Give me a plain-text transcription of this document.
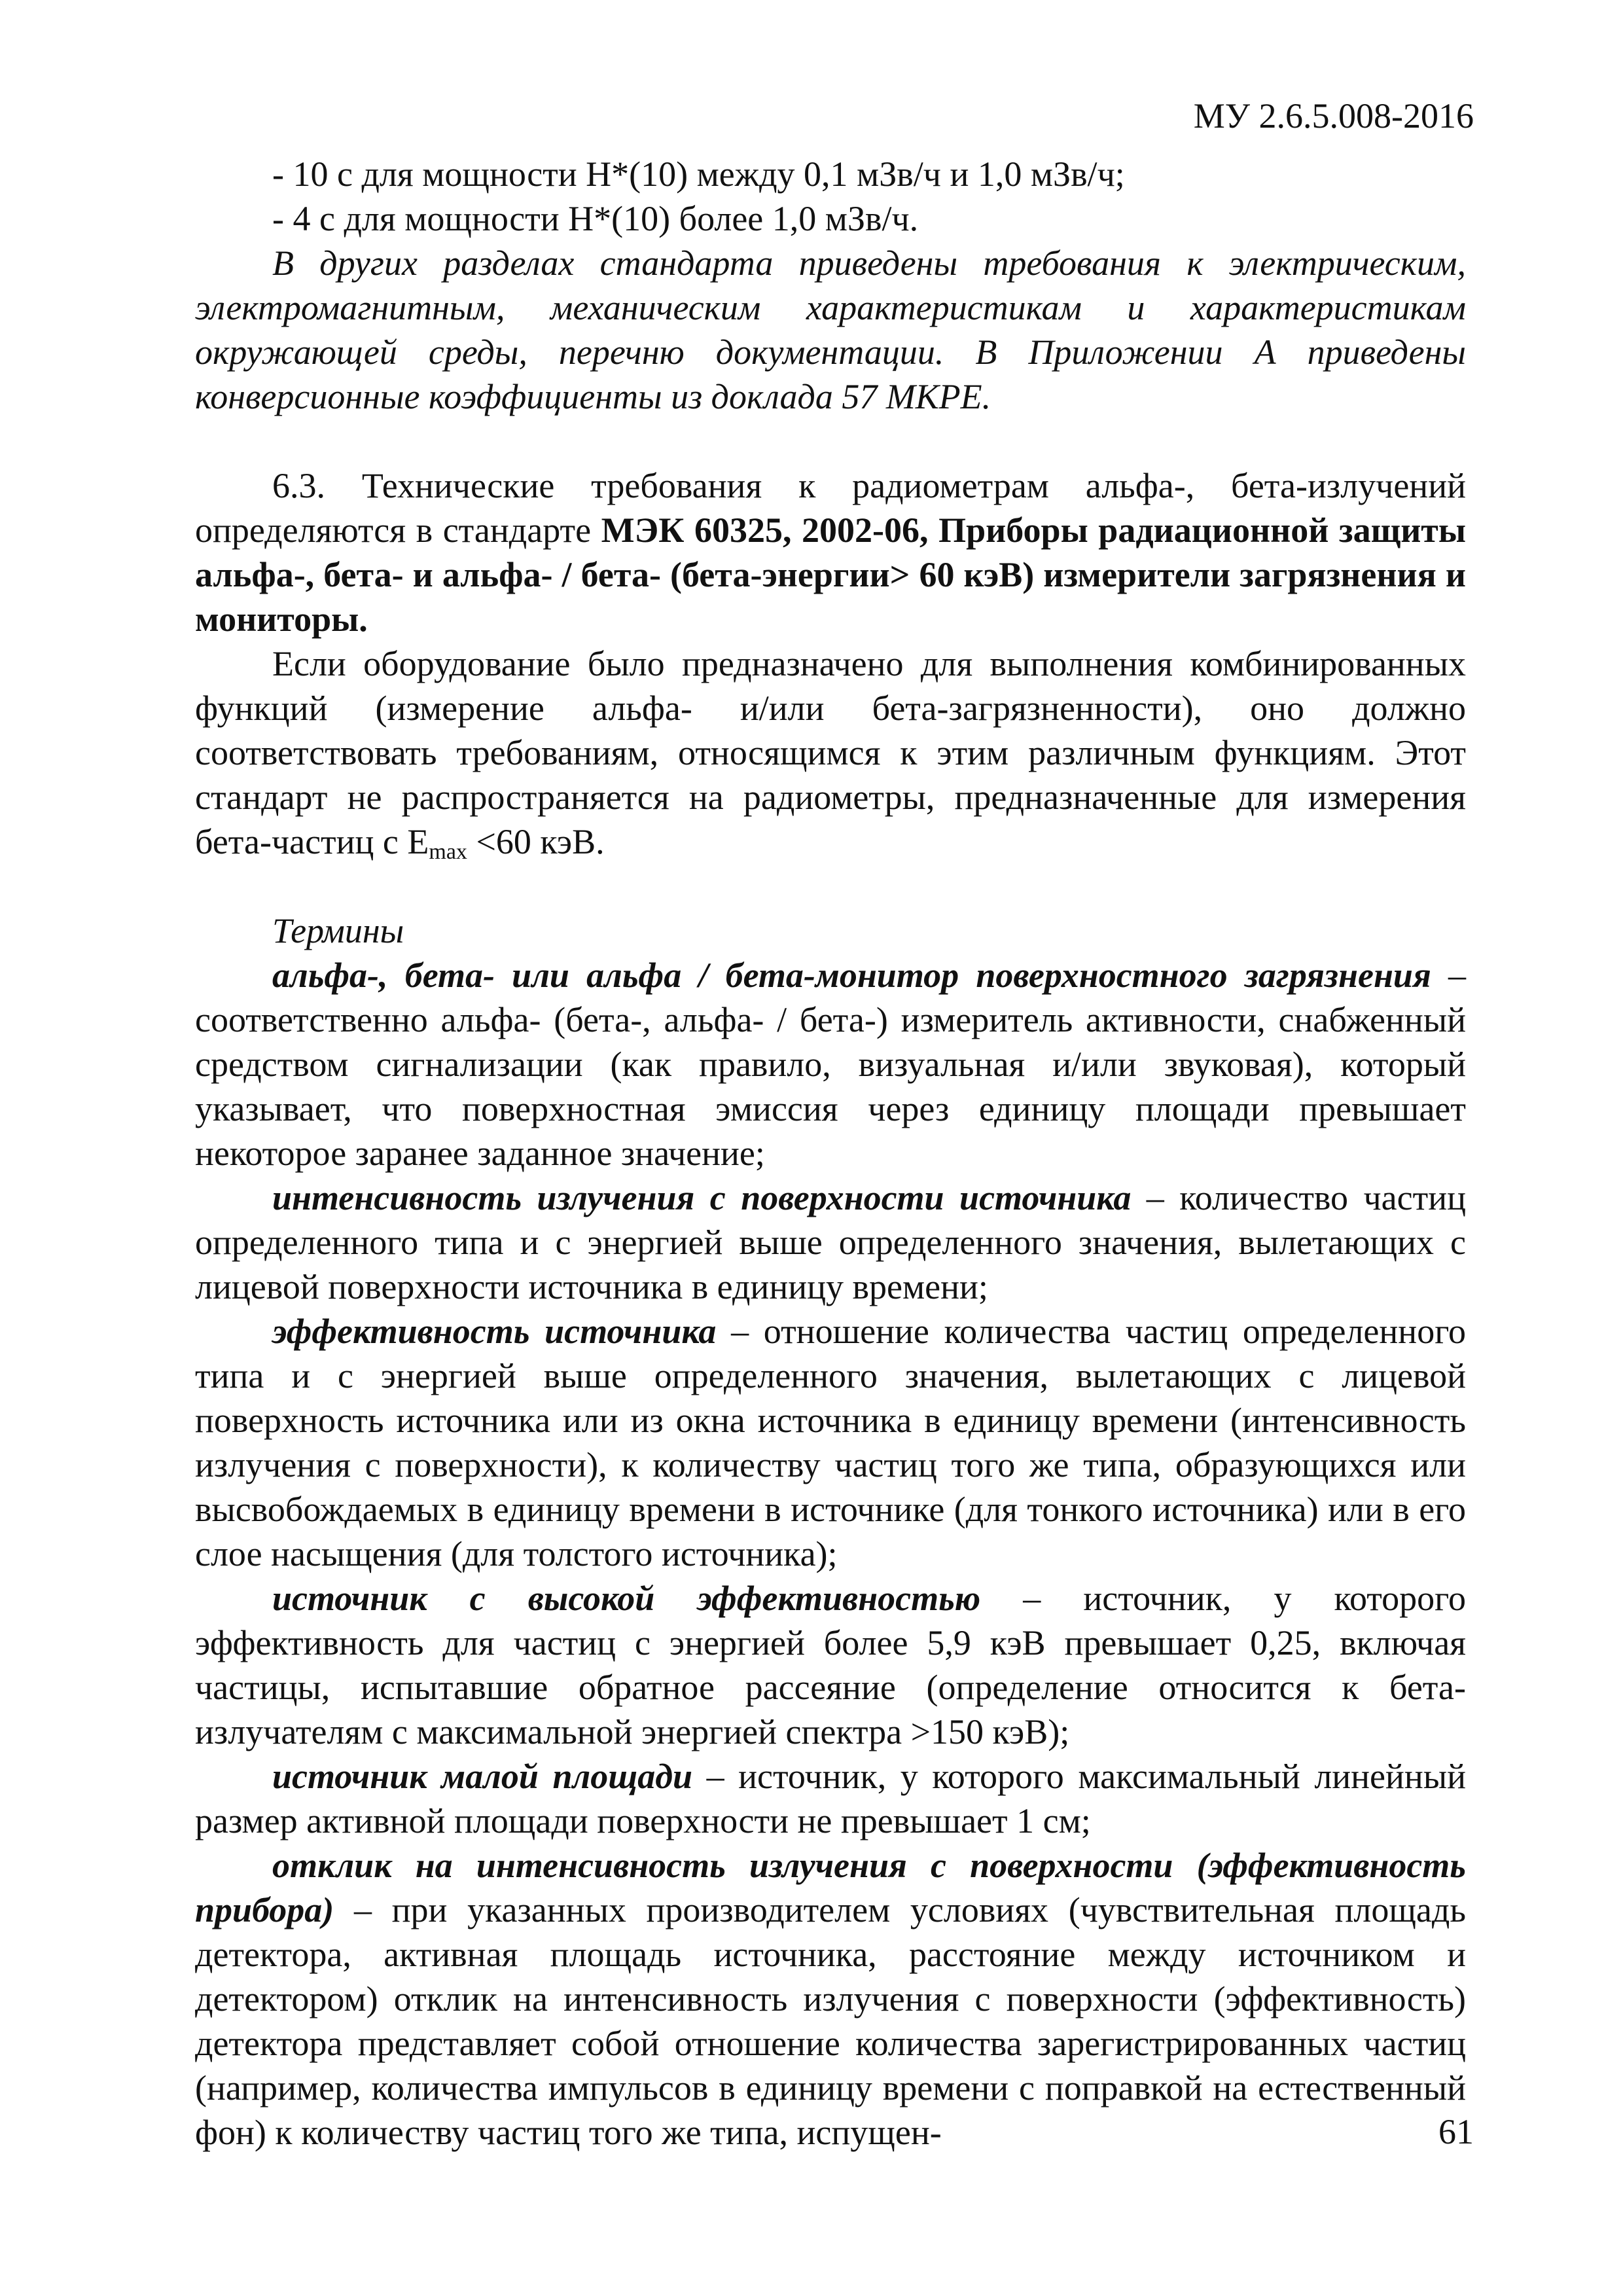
МУ 2.6.5.008-2016

- 10 с для мощности Н*(10) между 0,1 мЗв/ч и 1,0 мЗв/ч;

- 4 с для мощности Н*(10) более 1,0 мЗв/ч.

В других разделах стандарта приведены требования к электрическим, электромагнитным, механическим характеристикам и характеристикам окружающей среды, перечню документации. В Приложении А приведены конверсионные коэффициенты из доклада 57 МКРЕ.

6.3. Технические требования к радиометрам альфа-, бета-излучений определяются в стандарте МЭК 60325, 2002-06, Приборы радиационной защиты альфа-, бета- и альфа- / бета- (бета-энергии> 60 кэВ) измерители загрязнения и мониторы.

Если оборудование было предназначено для выполнения комбинированных функций (измерение альфа- и/или бета-загрязненности), оно должно соответствовать требованиям, относящимся к этим различным функциям. Этот стандарт не распространяется на радиометры, предназначенные для измерения бета-частиц с $E_{max} <60$ кэВ.

Термины

альфа-, бета- или альфа / бета-монитор поверхностного загрязнения – соответственно альфа- (бета-, альфа- / бета-) измеритель активности, снабженный средством сигнализации (как правило, визуальная и/или звуковая), который указывает, что поверхностная эмиссия через единицу площади превышает некоторое заранее заданное значение;

интенсивность излучения с поверхности источника – количество частиц определенного типа и с энергией выше определенного значения, вылетающих с лицевой поверхности источника в единицу времени;

эффективность источника – отношение количества частиц определенного типа и с энергией выше определенного значения, вылетающих с лицевой поверхность источника или из окна источника в единицу времени (интенсивность излучения с поверхности), к количеству частиц того же типа, образующихся или высвобождаемых в единицу времени в источнике (для тонкого источника) или в его слое насыщения (для толстого источника);

источник с высокой эффективностью – источник, у которого эффективность для частиц с энергией более 5,9 кэВ превышает 0,25, включая частицы, испытавшие обратное рассеяние (определение относится к бета-излучателям с максимальной энергией спектра >150 кэВ);

источник малой площади – источник, у которого максимальный линейный размер активной площади поверхности не превышает 1 см;

отклик на интенсивность излучения с поверхности (эффективность прибора) – при указанных производителем условиях (чувствительная площадь детектора, активная площадь источника, расстояние между источником и детектором) отклик на интенсивность излучения с поверхности (эффективность) детектора представляет собой отношение количества зарегистрированных частиц (например, количества импульсов в единицу времени с поправкой на естественный фон) к количеству частиц того же типа, испущен-	61
